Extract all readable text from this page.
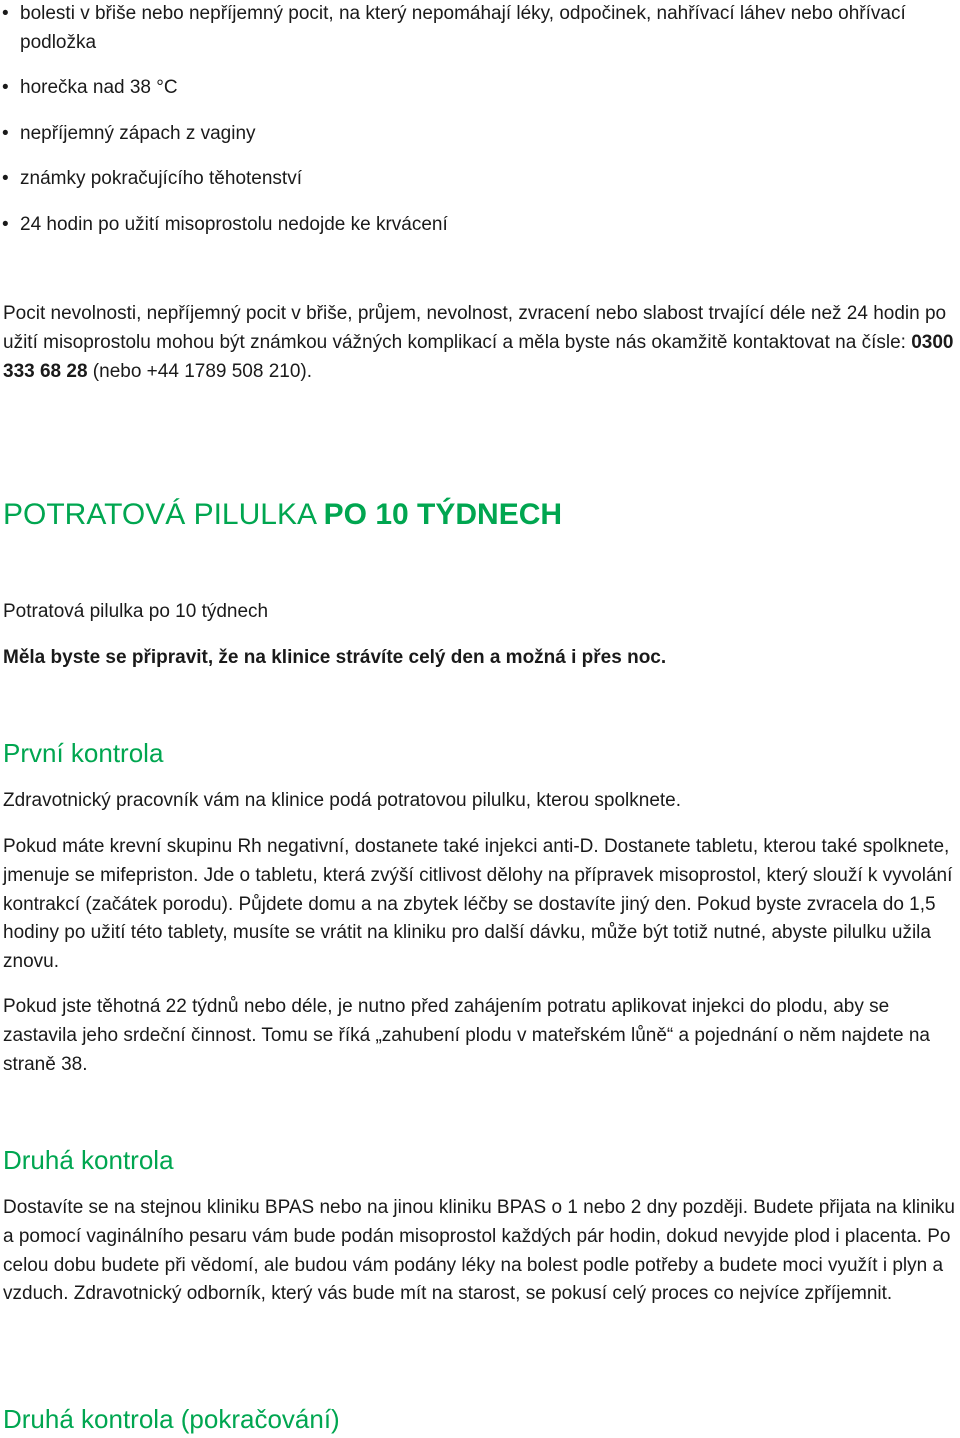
• bolesti v břiše nebo nepříjemný pocit, na který nepomáhají léky, odpočinek, nahřívací láhev nebo ohřívací podložka
• horečka nad 38 °C
• nepříjemný zápach z vaginy
• známky pokračujícího těhotenství
• 24 hodin po užití misoprostolu nedojde ke krvácení

Pocit nevolnosti, nepříjemný pocit v břiše, průjem, nevolnost, zvracení nebo slabost trvající déle než 24 hodin po užití misoprostolu mohou být známkou vážných komplikací a měla byste nás okamžitě kontaktovat na čísle: 0300 333 68 28 (nebo +44 1789 508 210).

POTRATOVÁ PILULKA PO 10 TÝDNECH

Potratová pilulka po 10 týdnech

Měla byste se připravit, že na klinice strávíte celý den a možná i přes noc.

První kontrola

Zdravotnický pracovník vám na klinice podá potratovou pilulku, kterou spolknete.

Pokud máte krevní skupinu Rh negativní, dostanete také injekci anti-D. Dostanete tabletu, kterou také spolknete, jmenuje se mifepriston. Jde o tabletu, která zvýší citlivost dělohy na přípravek misoprostol, který slouží k vyvolání kontrakcí (začátek porodu). Půjdete domu a na zbytek léčby se dostavíte jiný den. Pokud byste zvracela do 1,5 hodiny po užití této tablety, musíte se vrátit na kliniku pro další dávku, může být totiž nutné, abyste pilulku užila znovu.

Pokud jste těhotná 22 týdnů nebo déle, je nutno před zahájením potratu aplikovat injekci do plodu, aby se zastavila jeho srdeční činnost. Tomu se říká „zahubení plodu v mateřském lůně“ a pojednání o něm najdete na straně 38.

Druhá kontrola

Dostavíte se na stejnou kliniku BPAS nebo na jinou kliniku BPAS o 1 nebo 2 dny později. Budete přijata na kliniku a pomocí vaginálního pesaru vám bude podán misoprostol každých pár hodin, dokud nevyjde plod i placenta. Po celou dobu budete při vědomí, ale budou vám podány léky na bolest podle potřeby a budete moci využít i plyn a vzduch. Zdravotnický odborník, který vás bude mít na starost, se pokusí celý proces co nejvíce zpříjemnit.

Druhá kontrola (pokračování)
